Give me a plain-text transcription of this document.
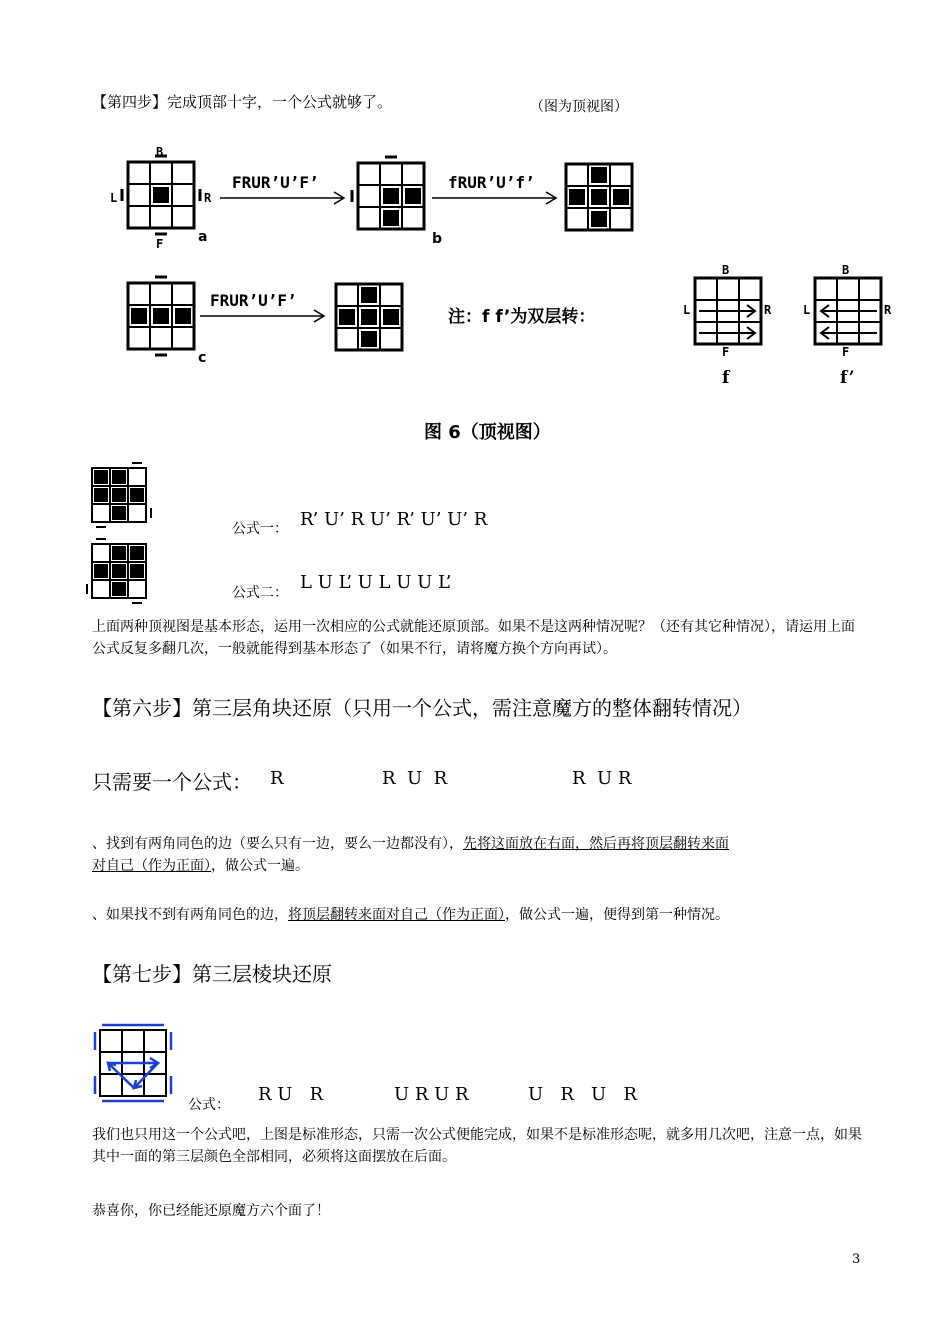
【第四步】完成顶部十字，一个公式就够了。	（图为顶视图）
B
L	R
F a
FRUR’U’F’
b
fRUR’U’f’
c
FRUR’U’F’
注：f f’为双层转：
B
L	R
F
f
B
L	R
F
f’
图 6（顶视图）
公式一： R’ U’ R U’ R’ U’ U’ R
公式二： L U L’ U L U U L’
上面两种顶视图是基本形态，运用一次相应的公式就能还原顶部。如果不是这两种情况呢？（还有其它种情况），请运用上面公式反复多翻几次，一般就能得到基本形态了（如果不行，请将魔方换个方向再试）。
【第六步】第三层角块还原（只用一个公式，需注意魔方的整体翻转情况）
只需要一个公式： R	R  U  R	R  U R
、找到有两角同色的边（要么只有一边，要么一边都没有），先将这面放在右面，然后再将顶层翻转来面
对自己（作为正面），做公式一遍。
、如果找不到有两角同色的边，将顶层翻转来面对自己（作为正面），做公式一遍，便得到第一种情况。
【第七步】第三层棱块还原
公式： R U   R	U R U R	U   R   U   R
我们也只用这一个公式吧，上图是标准形态，只需一次公式便能完成，如果不是标准形态呢，就多用几次吧，注意一点，如果其中一面的第三层颜色全部相同，必须将这面摆放在后面。
恭喜你，你已经能还原魔方六个面了！
3
